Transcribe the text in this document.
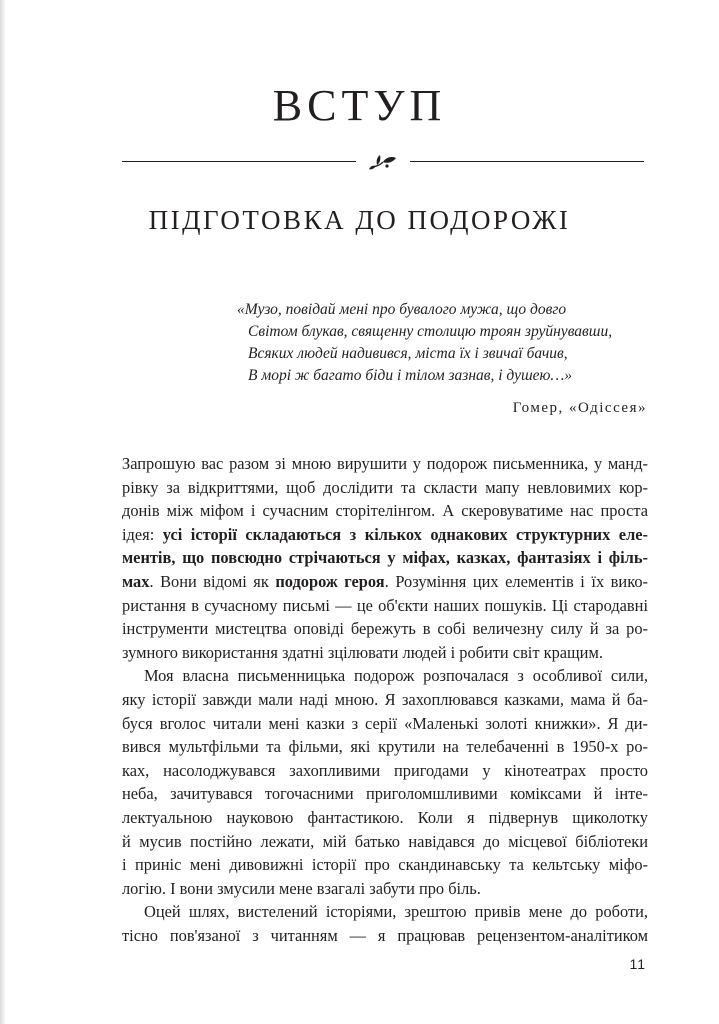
ВСТУП
ПІДГОТОВКА ДО ПОДОРОЖІ
«Музо, повідай мені про бувалого мужа, що довго
Світом блукав, священну столицю троян зруйнувавши,
Всяких людей надивився, міста їх і звичаї бачив,
В морі ж багато біди і тілом зазнав, і душею…»
Гомер, «Одіссея»
Запрошую вас разом зі мною вирушити у подорож письменника, у манд-
рівку за відкриттями, щоб дослідити та скласти мапу невловимих кор-
донів між міфом і сучасним сторітелінгом. А скеровуватиме нас проста
ідея: усі історії складаються з кількох однакових структурних еле-
ментів, що повсюдно стрічаються у міфах, казках, фантазіях і філь-
мах. Вони відомі як подорож героя. Розуміння цих елементів і їх вико-
ристання в сучасному письмі — це об'єкти наших пошуків. Ці стародавні
інструменти мистецтва оповіді бережуть в собі величезну силу й за ро-
зумного використання здатні зцілювати людей і робити світ кращим.
Моя власна письменницька подорож розпочалася з особливої сили,
яку історії завжди мали наді мною. Я захоплювався казками, мама й ба-
буся вголос читали мені казки з серії «Маленькі золоті книжки». Я ди-
вився мультфільми та фільми, які крутили на телебаченні в 1950-х ро-
ках, насолоджувався захопливими пригодами у кінотеатрах просто
неба, зачитувався тогочасними приголомшливими коміксами й інте-
лектуальною науковою фантастикою. Коли я підвернув щиколотку
й мусив постійно лежати, мій батько навідався до місцевої бібліотеки
і приніс мені дивовижні історії про скандинавську та кельтську міфо-
логію. І вони змусили мене взагалі забути про біль.
Оцей шлях, вистелений історіями, зрештою привів мене до роботи,
тісно пов'язаної з читанням — я працював рецензентом-аналітиком
11
